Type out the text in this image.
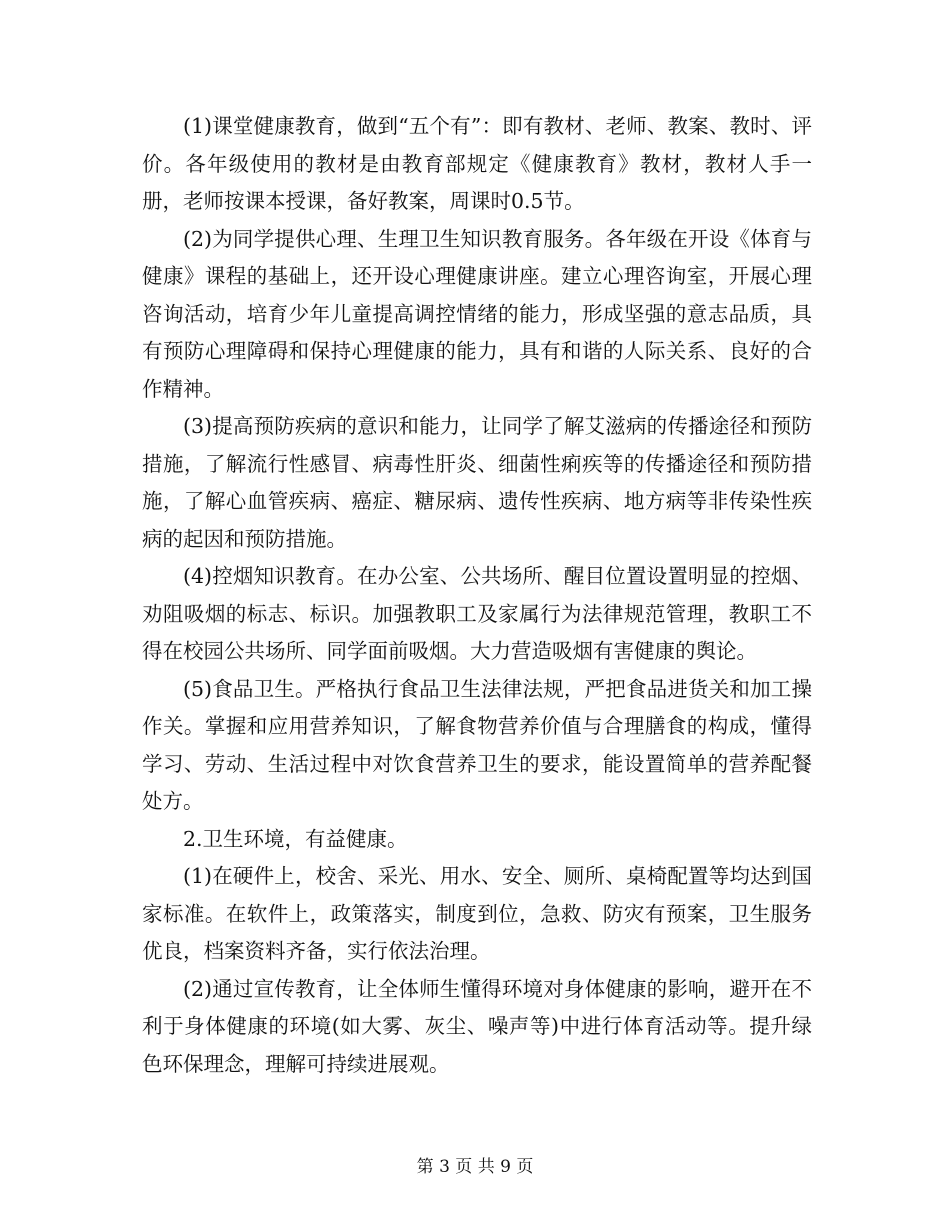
(1)课堂健康教育，做到“五个有”：即有教材、老师、教案、教时、评价。各年级使用的教材是由教育部规定《健康教育》教材，教材人手一册，老师按课本授课，备好教案，周课时0.5节。

(2)为同学提供心理、生理卫生知识教育服务。各年级在开设《体育与健康》课程的基础上，还开设心理健康讲座。建立心理咨询室，开展心理咨询活动，培育少年儿童提高调控情绪的能力，形成坚强的意志品质，具有预防心理障碍和保持心理健康的能力，具有和谐的人际关系、良好的合作精神。

(3)提高预防疾病的意识和能力，让同学了解艾滋病的传播途径和预防措施，了解流行性感冒、病毒性肝炎、细菌性痢疾等的传播途径和预防措施，了解心血管疾病、癌症、糖尿病、遗传性疾病、地方病等非传染性疾病的起因和预防措施。

(4)控烟知识教育。在办公室、公共场所、醒目位置设置明显的控烟、劝阻吸烟的标志、标识。加强教职工及家属行为法律规范管理，教职工不得在校园公共场所、同学面前吸烟。大力营造吸烟有害健康的舆论。

(5)食品卫生。严格执行食品卫生法律法规，严把食品进货关和加工操作关。掌握和应用营养知识，了解食物营养价值与合理膳食的构成，懂得学习、劳动、生活过程中对饮食营养卫生的要求，能设置简单的营养配餐处方。

2.卫生环境，有益健康。

(1)在硬件上，校舍、采光、用水、安全、厕所、桌椅配置等均达到国家标准。在软件上，政策落实，制度到位，急救、防灾有预案，卫生服务优良，档案资料齐备，实行依法治理。

(2)通过宣传教育，让全体师生懂得环境对身体健康的影响，避开在不利于身体健康的环境(如大雾、灰尘、噪声等)中进行体育活动等。提升绿色环保理念，理解可持续进展观。

第 3 页 共 9 页
